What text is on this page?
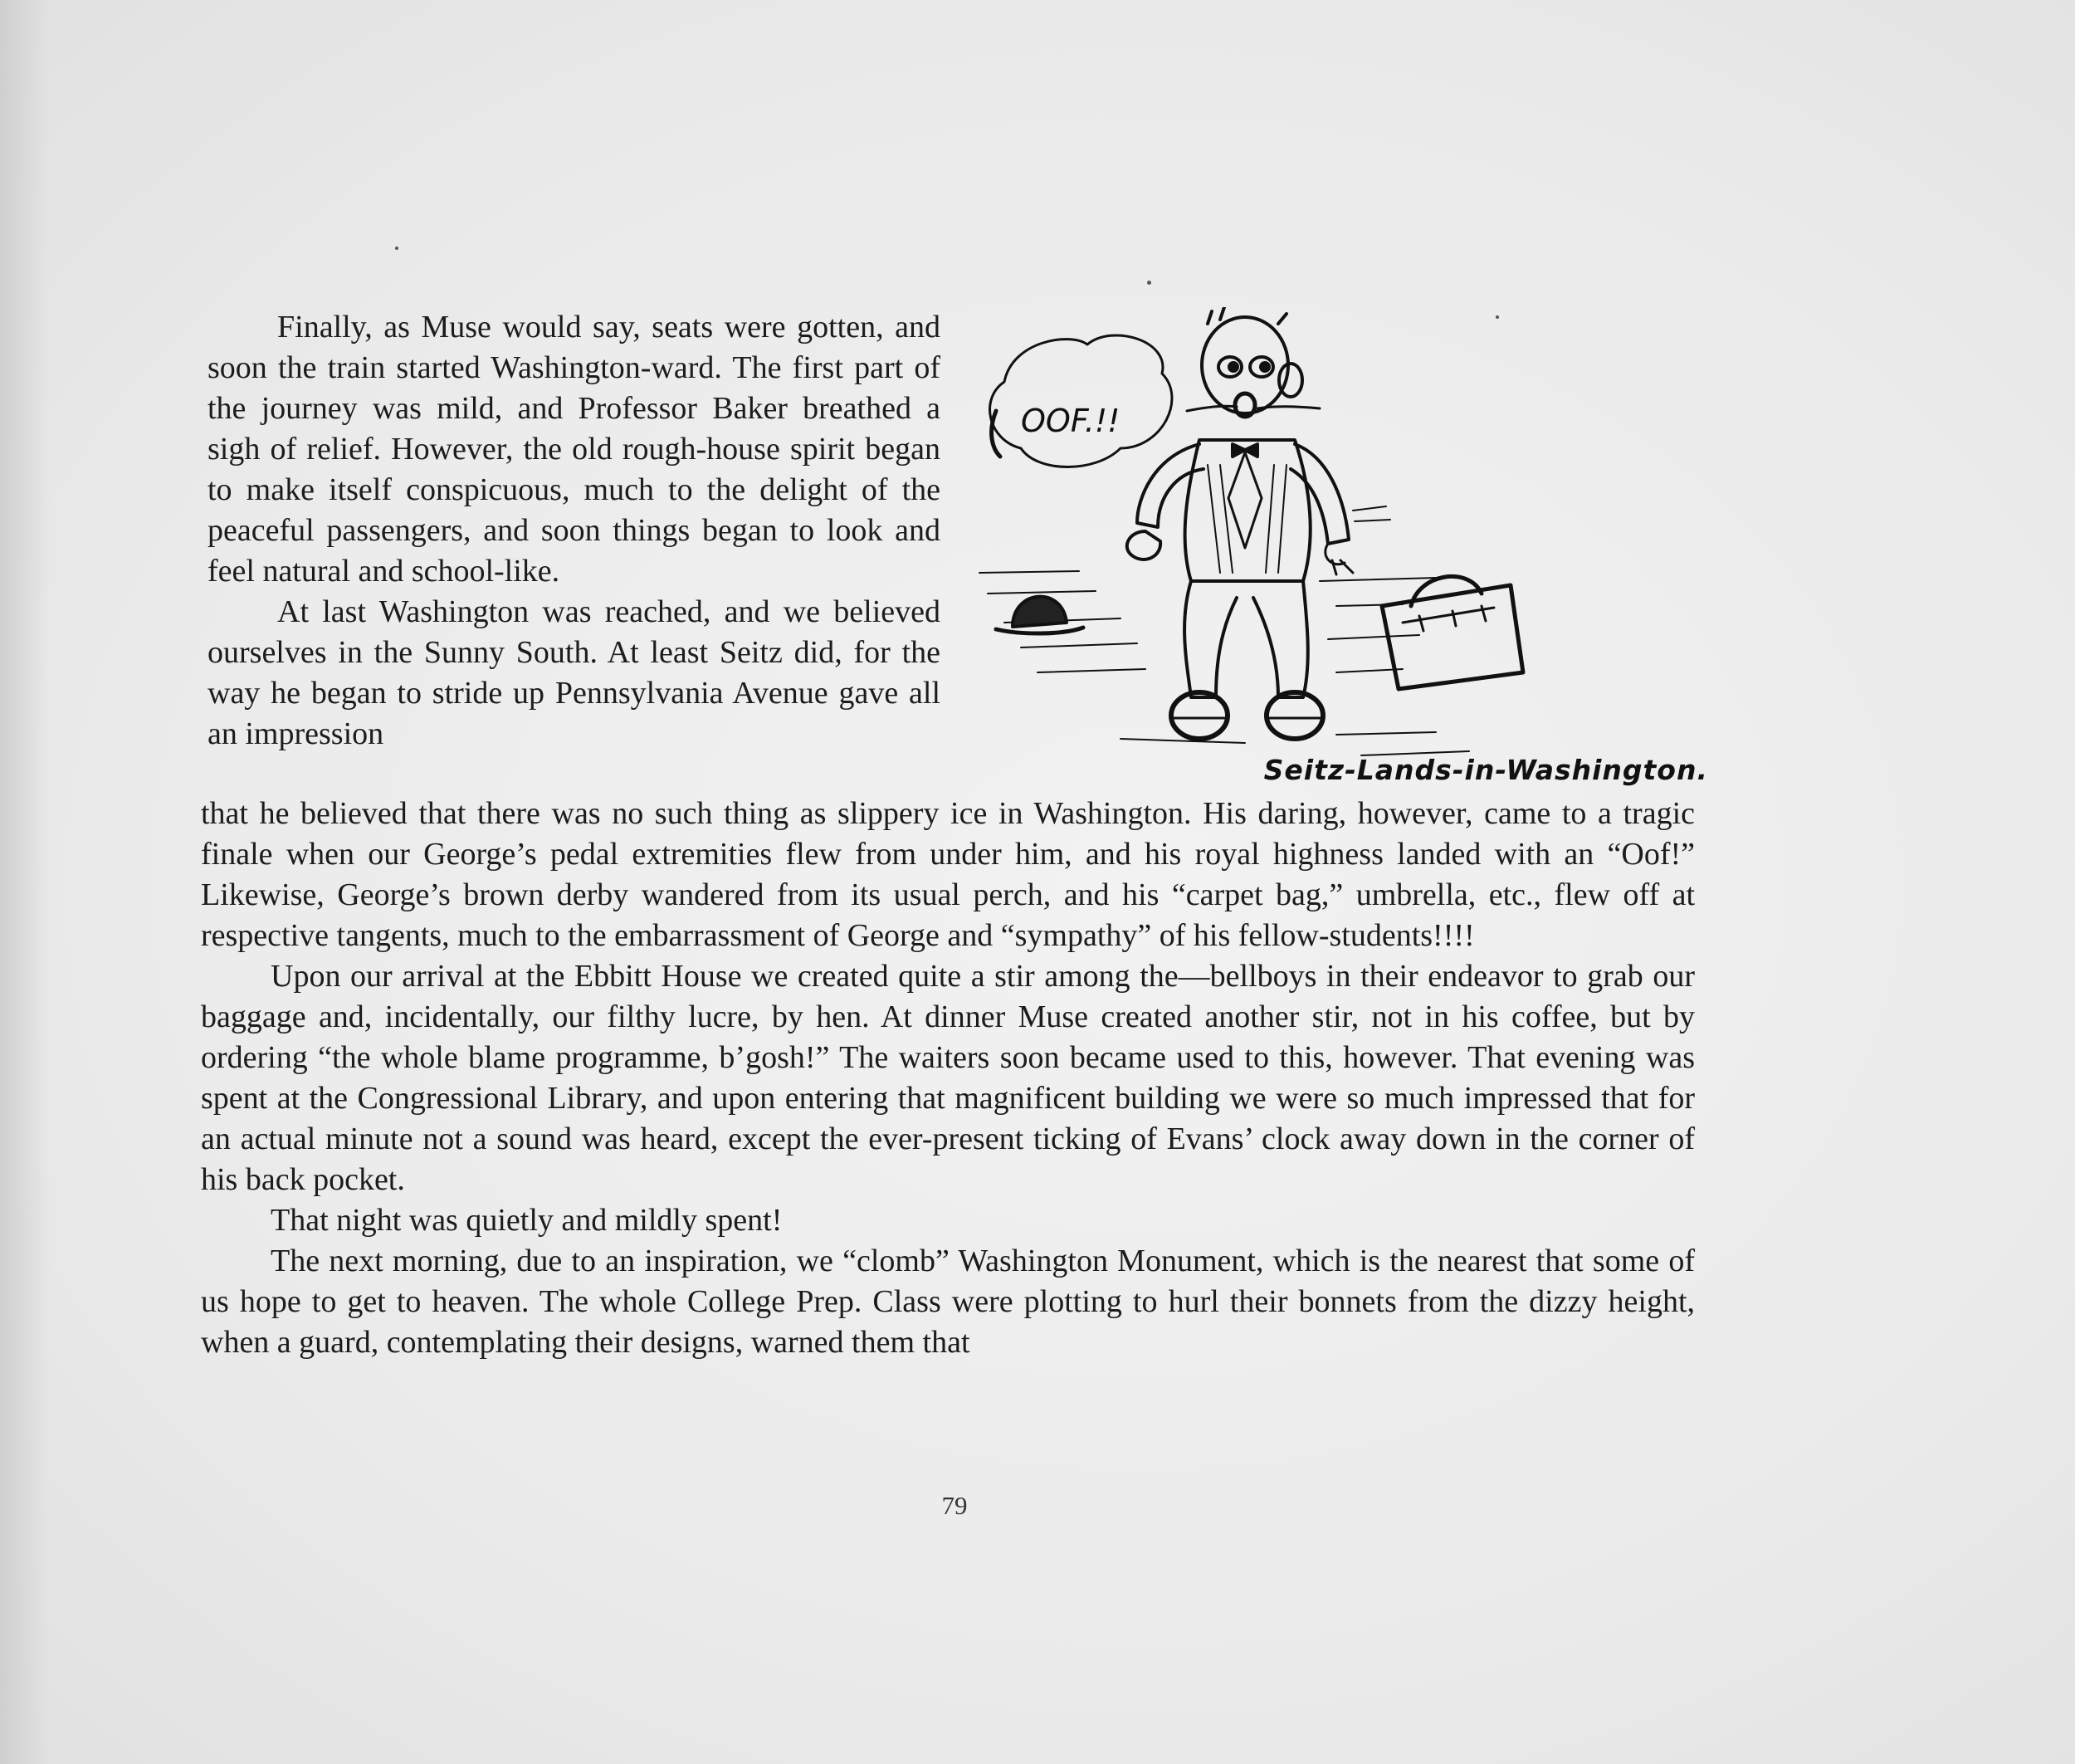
Finally, as Muse would say, seats were gotten, and soon the train started Washington-ward. The first part of the journey was mild, and Professor Baker breathed a sigh of relief. However, the old rough-house spirit began to make itself conspicuous, much to the delight of the peaceful passengers, and soon things began to look and feel natural and school-like.

At last Washington was reached, and we believed ourselves in the Sunny South. At least Seitz did, for the way he began to stride up Pennsylvania Avenue gave all an impression

OOF.!!
Seitz-Lands-in-Washington.

that he believed that there was no such thing as slippery ice in Washington. His daring, however, came to a tragic finale when our George’s pedal extremities flew from under him, and his royal highness landed with an “Oof!” Likewise, George’s brown derby wandered from its usual perch, and his “carpet bag,” umbrella, etc., flew off at respective tangents, much to the embarrassment of George and “sympathy” of his fellow-students!!!!

Upon our arrival at the Ebbitt House we created quite a stir among the—bellboys in their endeavor to grab our baggage and, incidentally, our filthy lucre, by hen. At dinner Muse created another stir, not in his coffee, but by ordering “the whole blame programme, b’gosh!” The waiters soon became used to this, however. That evening was spent at the Congressional Library, and upon entering that magnificent building we were so much impressed that for an actual minute not a sound was heard, except the ever-present ticking of Evans’ clock away down in the corner of his back pocket.

That night was quietly and mildly spent!

The next morning, due to an inspiration, we “clomb” Washington Monument, which is the nearest that some of us hope to get to heaven. The whole College Prep. Class were plotting to hurl their bonnets from the dizzy height, when a guard, contemplating their designs, warned them that

79
